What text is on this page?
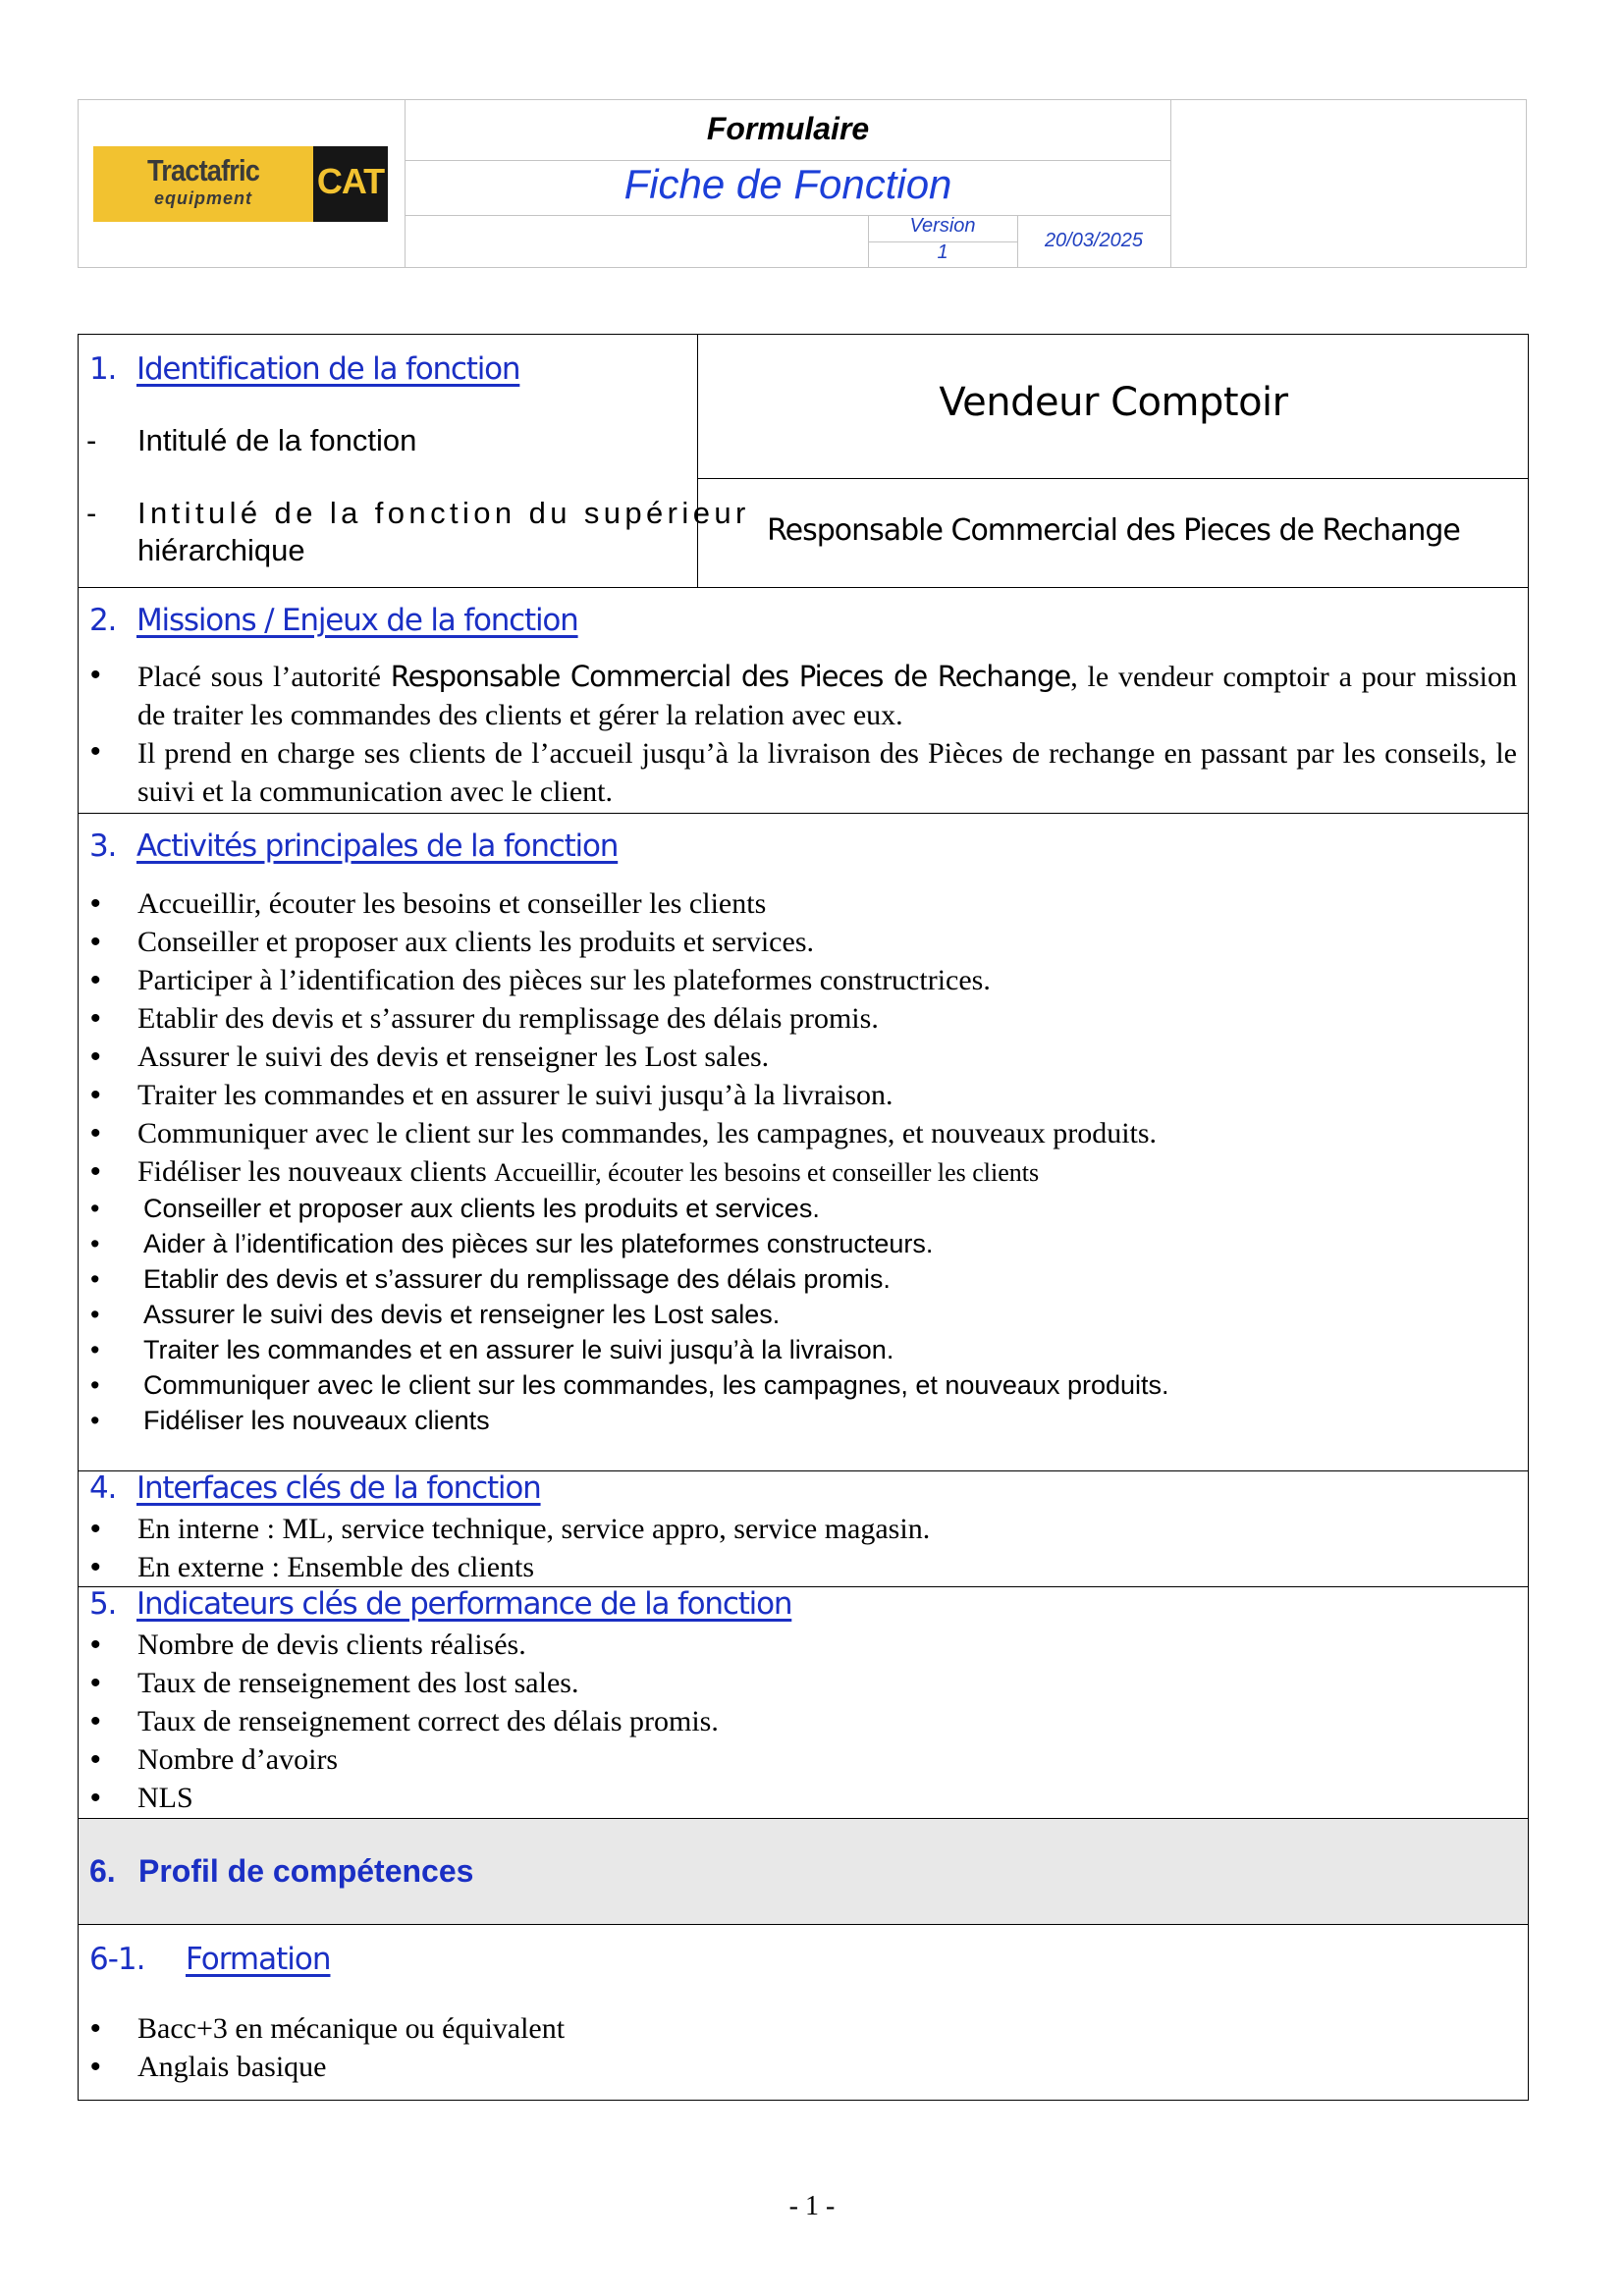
Tractafric
equipment	CAT
Formulaire
Fiche de Fonction
Version
1
20/03/2025
1. Identification de la fonction
- Intitulé de la fonction
- Intitulé de la fonction du supérieur
hiérarchique
Vendeur Comptoir
Responsable Commercial des Pieces de Rechange
2. Missions / Enjeux de la fonction
• Placé sous l’autorité Responsable Commercial des Pieces de Rechange, le vendeur comptoir a pour mission de traiter les commandes des clients et gérer la relation avec eux.
• Il prend en charge ses clients de l’accueil jusqu’à la livraison des Pièces de rechange en passant par les conseils, le suivi et la communication avec le client.
3. Activités principales de la fonction
• Accueillir, écouter les besoins et conseiller les clients
• Conseiller et proposer aux clients les produits et services.
• Participer à l’identification des pièces sur les plateformes constructrices.
• Etablir des devis et s’assurer du remplissage des délais promis.
• Assurer le suivi des devis et renseigner les Lost sales.
• Traiter les commandes et en assurer le suivi jusqu’à la livraison.
• Communiquer avec le client sur les commandes, les campagnes, et nouveaux produits.
• Fidéliser les nouveaux clients Accueillir, écouter les besoins et conseiller les clients
• Conseiller et proposer aux clients les produits et services.
• Aider à l’identification des pièces sur les plateformes constructeurs.
• Etablir des devis et s’assurer du remplissage des délais promis.
• Assurer le suivi des devis et renseigner les Lost sales.
• Traiter les commandes et en assurer le suivi jusqu’à la livraison.
• Communiquer avec le client sur les commandes, les campagnes, et nouveaux produits.
• Fidéliser les nouveaux clients
4. Interfaces clés de la fonction
• En interne : ML, service technique, service appro, service magasin.
• En externe : Ensemble des clients
5. Indicateurs clés de performance de la fonction
• Nombre de devis clients réalisés.
• Taux de renseignement des lost sales.
• Taux de renseignement correct des délais promis.
• Nombre d’avoirs
• NLS
6. Profil de compétences
6-1. Formation
• Bacc+3 en mécanique ou équivalent
• Anglais basique
- 1 -
